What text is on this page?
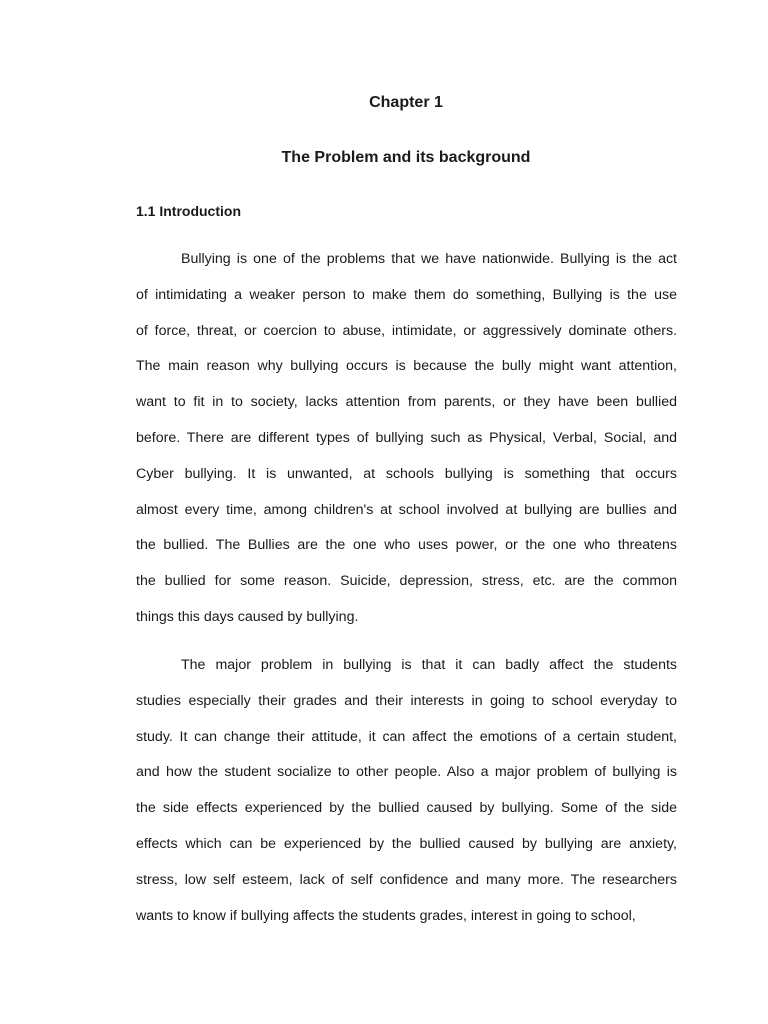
Chapter 1
The Problem and its background
1.1 Introduction
Bullying is one of the problems that we have nationwide. Bullying is the act
of intimidating a weaker person to make them do something, Bullying is the use
of force, threat, or coercion to abuse, intimidate, or aggressively dominate others.
The main reason why bullying occurs is because the bully might want attention,
want to fit in to society, lacks attention from parents, or they have been bullied
before. There are different types of bullying such as Physical, Verbal, Social, and
Cyber bullying. It is unwanted, at schools bullying is something that occurs
almost every time, among children's at school involved at bullying are bullies and
the bullied. The Bullies are the one who uses power, or the one who threatens
the bullied for some reason. Suicide, depression, stress, etc. are the common
things this days caused by bullying.
The major problem in bullying is that it can badly affect the students
studies especially their grades and their interests in going to school everyday to
study. It can change their attitude, it can affect the emotions of a certain student,
and how the student socialize to other people. Also a major problem of bullying is
the side effects experienced by the bullied caused by bullying. Some of the side
effects which can be experienced by the bullied caused by bullying are anxiety,
stress, low self esteem, lack of self confidence and many more. The researchers
wants to know if bullying affects the students grades, interest in going to school,
